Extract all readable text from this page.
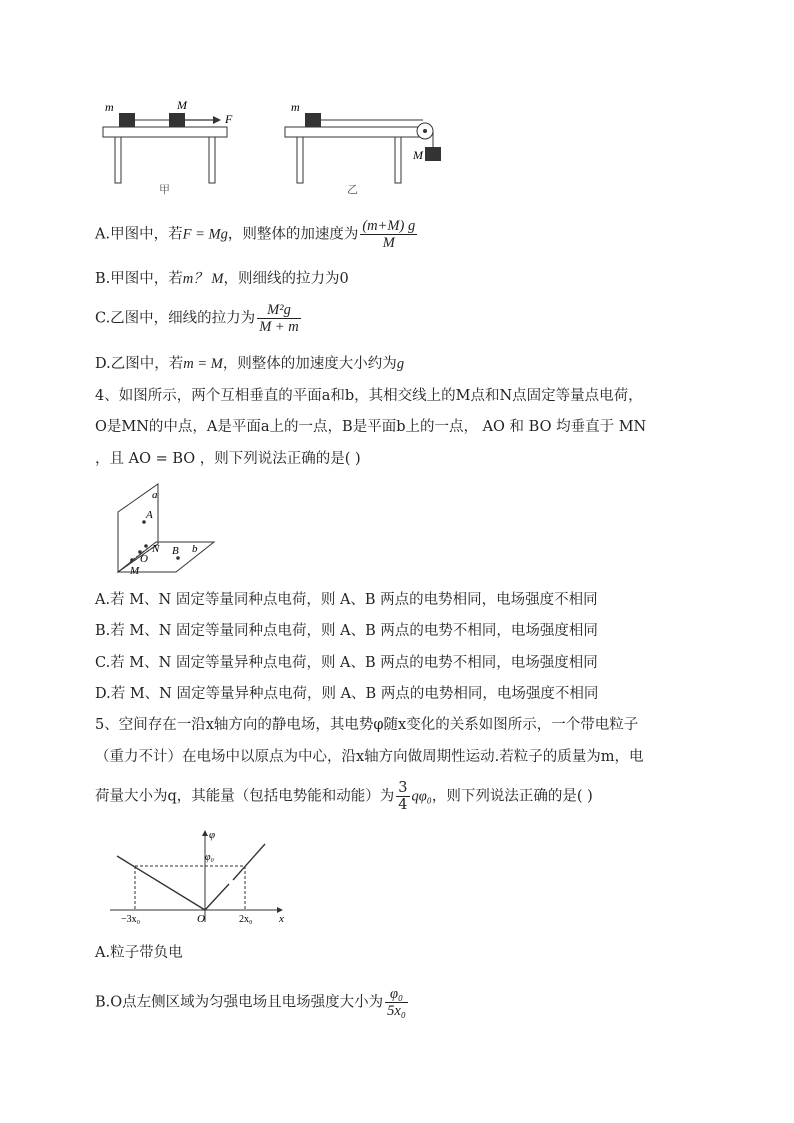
m	M
F
甲
m
M
乙
A.甲图中，若F = Mg，则整体的加速度为 $\frac{(m+M) g}{M}$
B.甲图中，若m？ M，则细线的拉力为0
C.乙图中，细线的拉力为 $\frac{\text{M²g}}{M + m}$
D.乙图中，若m = M，则整体的加速度大小约为g
4、如图所示，两个互相垂直的平面a和b，其相交线上的M点和N点固定等量点电荷，
O是MN的中点，A是平面a上的一点，B是平面b上的一点， AO 和 BO 均垂直于 MN
，且 AO = BO ，则下列说法正确的是( )
a
A
N
O
B b
M
A.若 M、N 固定等量同种点电荷，则 A、B 两点的电势相同，电场强度不相同
B.若 M、N 固定等量同种点电荷，则 A、B 两点的电势不相同，电场强度相同
C.若 M、N 固定等量异种点电荷，则 A、B 两点的电势不相同，电场强度相同
D.若 M、N 固定等量异种点电荷，则 A、B 两点的电势相同，电场强度不相同
5、空间存在一沿x轴方向的静电场，其电势φ随x变化的关系如图所示，一个带电粒子
（重力不计）在电场中以原点为中心，沿x轴方向做周期性运动.若粒子的质量为m，电
荷量大小为q，其能量（包括电势能和动能）为 $\frac{3}{4} q\varphi_0$，则下列说法正确的是( )
φ
φ₀
−3x₀	O	2x₀ x
A.粒子带负电
B.O点左侧区域为匀强电场且电场强度大小为 $\frac{\text{φ₀}}{\text{5x₀}}$
